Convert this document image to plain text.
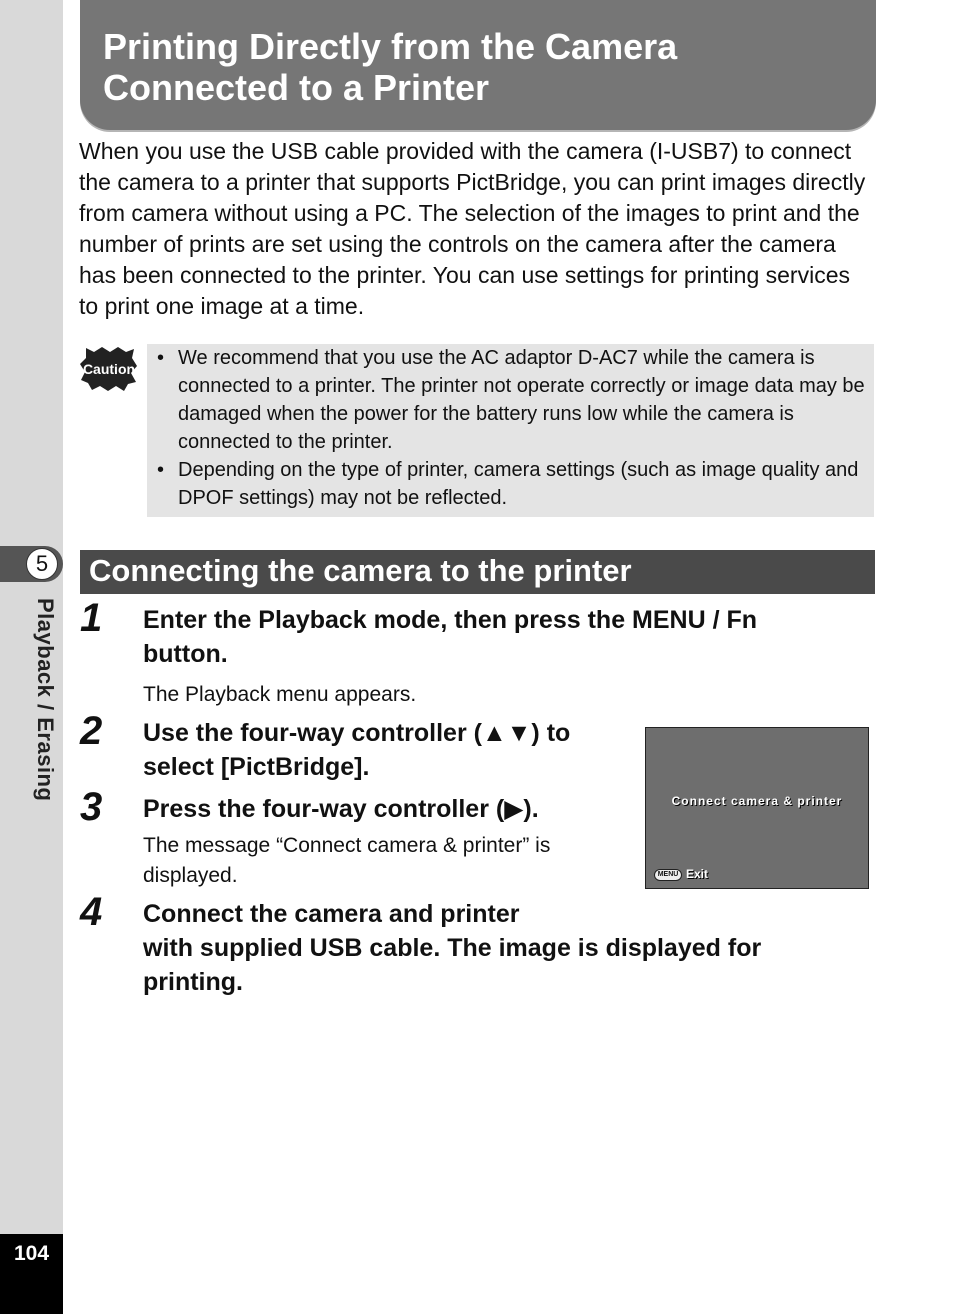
5
Playback / Erasing
104
Printing Directly from the Camera
Connected to a Printer
When you use the USB cable provided with the camera (I-USB7) to connect the camera to a printer that supports PictBridge, you can print images directly from camera without using a PC. The selection of the images to print and the number of prints are set using the controls on the camera after the camera has been connected to the printer. You can use settings for printing services to print one image at a time.
Caution • We recommend that you use the AC adaptor D-AC7 while the camera is connected to a printer. The printer not operate correctly or image data may be damaged when the power for the battery runs low while the camera is connected to the printer.
• Depending on the type of printer, camera settings (such as image quality and DPOF settings) may not be reflected.
Connecting the camera to the printer
1 Enter the Playback mode, then press the MENU / Fn
button.
The Playback menu appears.
2 Use the four-way controller (▲▼) to
select [PictBridge].
3 Press the four-way controller (▶).
The message “Connect camera & printer” is
displayed.
4 Connect the camera and printer
with supplied USB cable. The image is displayed for
printing.
Connect camera & printer
MENU Exit
